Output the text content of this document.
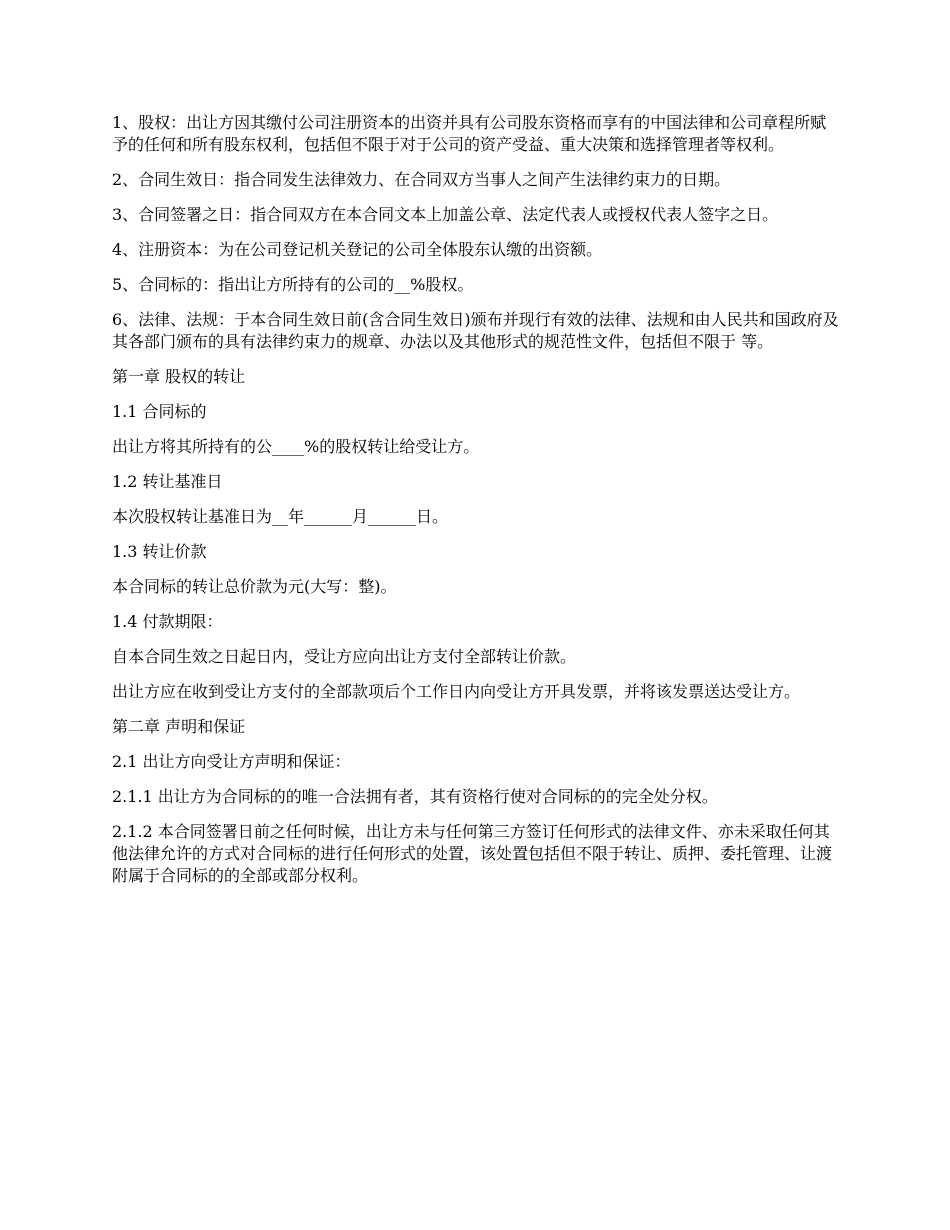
1、股权：出让方因其缴付公司注册资本的出资并具有公司股东资格而享有的中国法律和公司章程所赋予的任何和所有股东权利，包括但不限于对于公司的资产受益、重大决策和选择管理者等权利。

2、合同生效日：指合同发生法律效力、在合同双方当事人之间产生法律约束力的日期。

3、合同签署之日：指合同双方在本合同文本上加盖公章、法定代表人或授权代表人签字之日。

4、注册资本：为在公司登记机关登记的公司全体股东认缴的出资额。

5、合同标的：指出让方所持有的公司的__%股权。

6、法律、法规：于本合同生效日前(含合同生效日)颁布并现行有效的法律、法规和由人民共和国政府及其各部门颁布的具有法律约束力的规章、办法以及其他形式的规范性文件，包括但不限于 等。

第一章 股权的转让

1.1 合同标的

出让方将其所持有的公____%的股权转让给受让方。

1.2 转让基准日

本次股权转让基准日为__年______月______日。

1.3 转让价款

本合同标的转让总价款为元(大写：整)。

1.4 付款期限：

自本合同生效之日起日内，受让方应向出让方支付全部转让价款。

出让方应在收到受让方支付的全部款项后个工作日内向受让方开具发票，并将该发票送达受让方。

第二章 声明和保证

2.1 出让方向受让方声明和保证：

2.1.1 出让方为合同标的的唯一合法拥有者，其有资格行使对合同标的的完全处分权。

2.1.2 本合同签署日前之任何时候，出让方未与任何第三方签订任何形式的法律文件、亦未采取任何其他法律允许的方式对合同标的进行任何形式的处置，该处置包括但不限于转让、质押、委托管理、让渡附属于合同标的的全部或部分权利。
